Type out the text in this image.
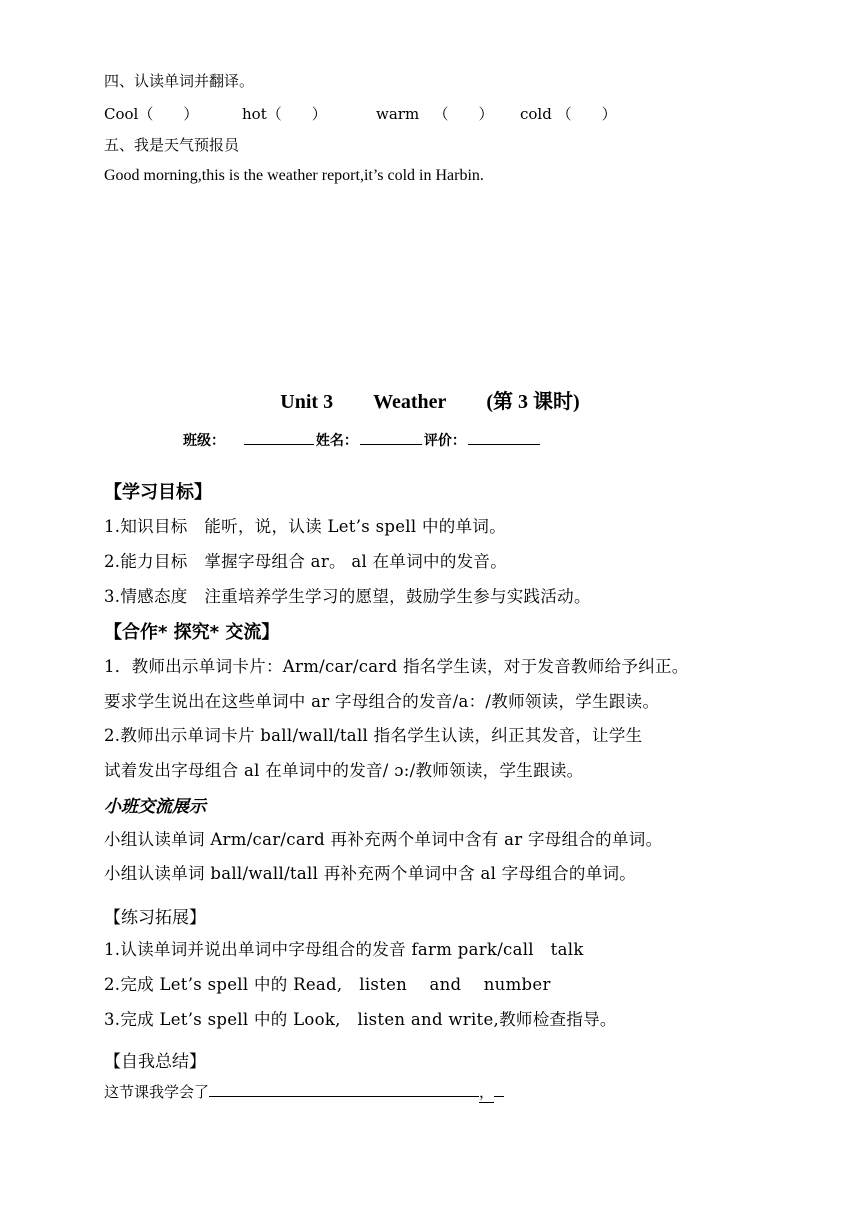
四、认读单词并翻译。
Cool（　　）	hot（　　）	warm （　　） cold （　　）
五、我是天气预报员
Good morning,this is the weather report,it’s cold in Harbin.
Unit 3 Weather (第 3 课时)
班级：	姓名：	评价：
【学习目标】
1.知识目标　能听，说，认读 Let’s spell 中的单词。
2.能力目标　掌握字母组合 ar。 al 在单词中的发音。
3.情感态度　注重培养学生学习的愿望，鼓励学生参与实践活动。
【合作* 探究* 交流】
1．教师出示单词卡片：Arm/car/card 指名学生读，对于发音教师给予纠正。
要求学生说出在这些单词中 ar 字母组合的发音/a：/教师领读，学生跟读。
2.教师出示单词卡片 ball/wall/tall 指名学生认读，纠正其发音，让学生
试着发出字母组合 al 在单词中的发音/ ɔ:/教师领读，学生跟读。
小班交流展示
小组认读单词 Arm/car/card 再补充两个单词中含有 ar 字母组合的单词。
小组认读单词 ball/wall/tall 再补充两个单词中含 al 字母组合的单词。
【练习拓展】
1.认读单词并说出单词中字母组合的发音 farm park/call　talk
2.完成 Let’s spell 中的 Read,　listen　 and　 number
3.完成 Let’s spell 中的 Look,　listen and write,教师检查指导。
【自我总结】
这节课我学会了	，
